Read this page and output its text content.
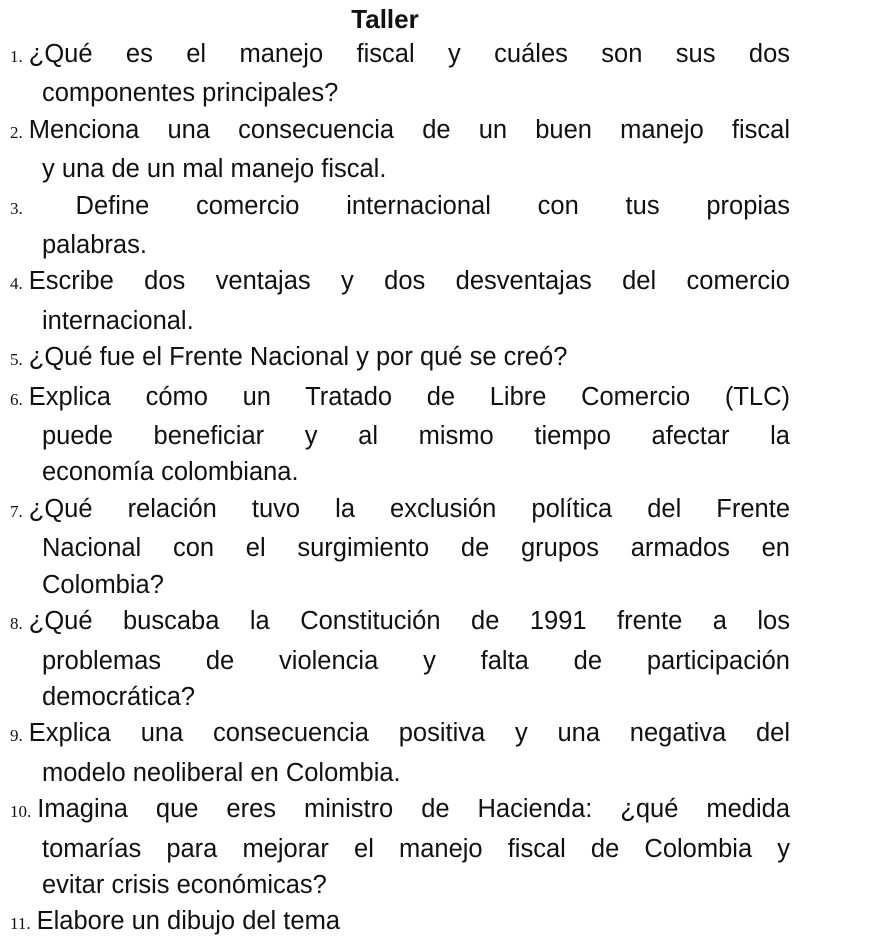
Taller
1. ¿Qué es el manejo fiscal y cuáles son sus dos
componentes principales?
2. Menciona una consecuencia de un buen manejo fiscal
y una de un mal manejo fiscal.
3. Define comercio internacional con tus propias
palabras.
4. Escribe dos ventajas y dos desventajas del comercio
internacional.
5. ¿Qué fue el Frente Nacional y por qué se creó?
6. Explica cómo un Tratado de Libre Comercio (TLC)
puede beneficiar y al mismo tiempo afectar la
economía colombiana.
7. ¿Qué relación tuvo la exclusión política del Frente
Nacional con el surgimiento de grupos armados en
Colombia?
8. ¿Qué buscaba la Constitución de 1991 frente a los
problemas de violencia y falta de participación
democrática?
9. Explica una consecuencia positiva y una negativa del
modelo neoliberal en Colombia.
10. Imagina que eres ministro de Hacienda: ¿qué medida
tomarías para mejorar el manejo fiscal de Colombia y
evitar crisis económicas?
11. Elabore un dibujo del tema
